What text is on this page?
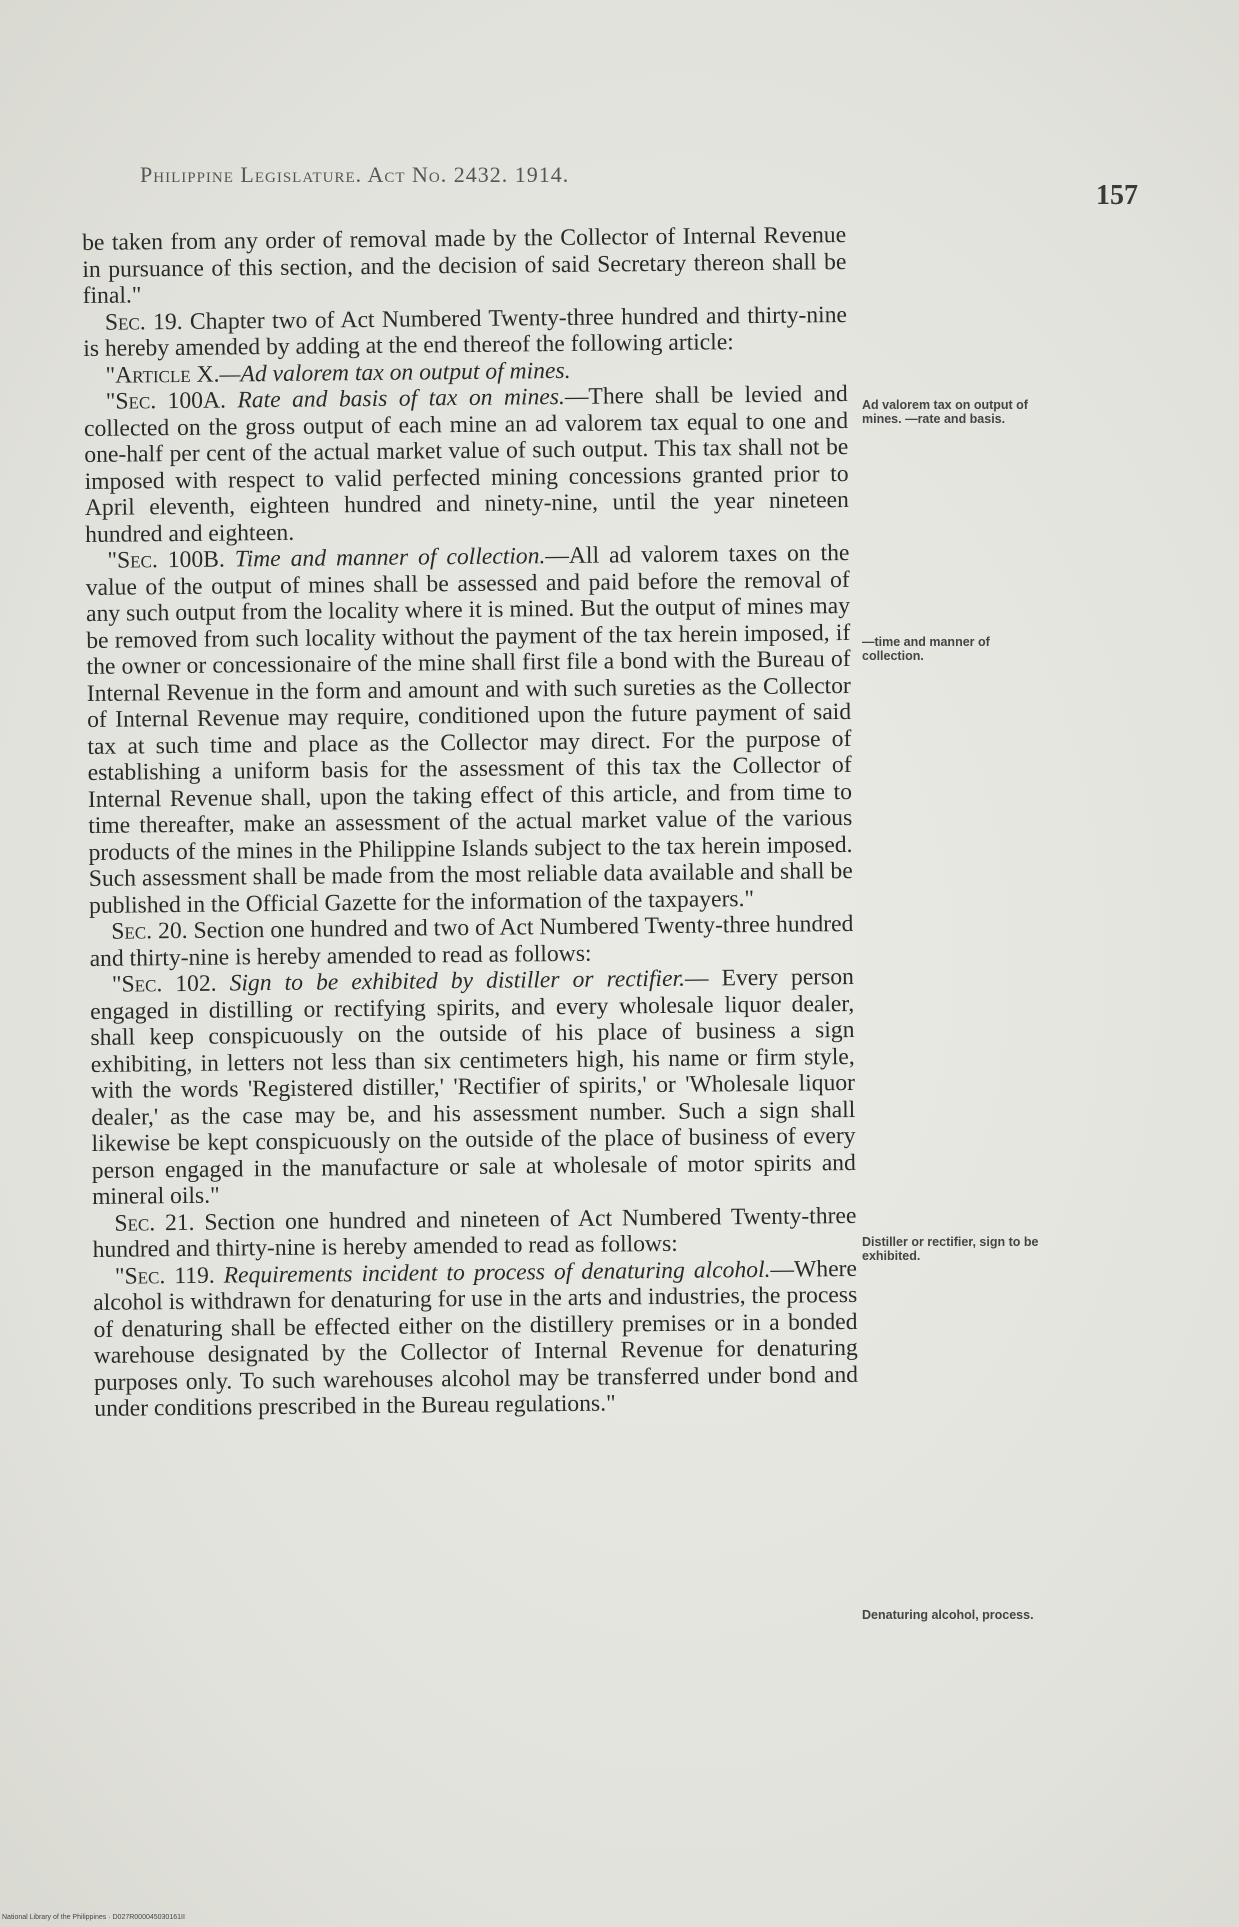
Philippine Legislature. Act No. 2432. 1914.
157

be taken from any order of removal made by the Collector of Internal Revenue in pursuance of this section, and the decision of said Secretary thereon shall be final."

Sec. 19. Chapter two of Act Numbered Twenty-three hundred and thirty-nine is hereby amended by adding at the end thereof the following article:

"Article X.—Ad valorem tax on output of mines.

"Sec. 100A. Rate and basis of tax on mines.—There shall be levied and collected on the gross output of each mine an ad valorem tax equal to one and one-half per cent of the actual market value of such output. This tax shall not be imposed with respect to valid perfected mining concessions granted prior to April eleventh, eighteen hundred and ninety-nine, until the year nineteen hundred and eighteen.

"Sec. 100B. Time and manner of collection.—All ad valorem taxes on the value of the output of mines shall be assessed and paid before the removal of any such output from the locality where it is mined. But the output of mines may be removed from such locality without the payment of the tax herein imposed, if the owner or concessionaire of the mine shall first file a bond with the Bureau of Internal Revenue in the form and amount and with such sureties as the Collector of Internal Revenue may require, conditioned upon the future payment of said tax at such time and place as the Collector may direct. For the purpose of establishing a uniform basis for the assessment of this tax the Collector of Internal Revenue shall, upon the taking effect of this article, and from time to time thereafter, make an assessment of the actual market value of the various products of the mines in the Philippine Islands subject to the tax herein imposed. Such assessment shall be made from the most reliable data available and shall be published in the Official Gazette for the information of the taxpayers."

Sec. 20. Section one hundred and two of Act Numbered Twenty-three hundred and thirty-nine is hereby amended to read as follows:

"Sec. 102. Sign to be exhibited by distiller or rectifier.— Every person engaged in distilling or rectifying spirits, and every wholesale liquor dealer, shall keep conspicuously on the outside of his place of business a sign exhibiting, in letters not less than six centimeters high, his name or firm style, with the words 'Registered distiller,' 'Rectifier of spirits,' or 'Wholesale liquor dealer,' as the case may be, and his assessment number. Such a sign shall likewise be kept conspicuously on the outside of the place of business of every person engaged in the manufacture or sale at wholesale of motor spirits and mineral oils."

Sec. 21. Section one hundred and nineteen of Act Numbered Twenty-three hundred and thirty-nine is hereby amended to read as follows:

"Sec. 119. Requirements incident to process of denaturing alcohol.—Where alcohol is withdrawn for denaturing for use in the arts and industries, the process of denaturing shall be effected either on the distillery premises or in a bonded warehouse designated by the Collector of Internal Revenue for denaturing purposes only. To such warehouses alcohol may be transferred under bond and under conditions prescribed in the Bureau regulations."

Ad valorem tax on output of mines. —rate and basis.
—time and manner of collection.
Distiller or rectifier, sign to be exhibited.
Denaturing alcohol, process.
National Library of the Philippines · D027R000045030161II
